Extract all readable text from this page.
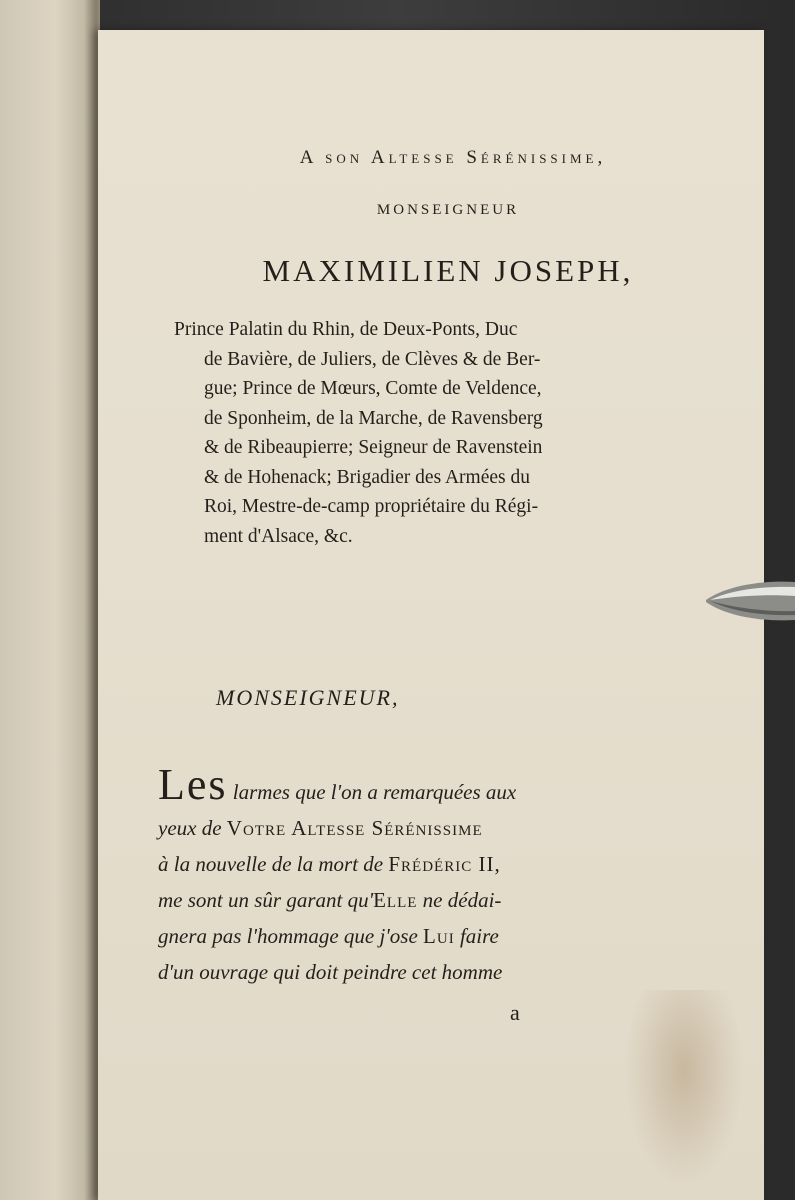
A son Altesse Sérénissime,
MONSEIGNEUR
MAXIMILIEN JOSEPH,
Prince Palatin du Rhin, de Deux-Ponts, Duc
de Bavière, de Juliers, de Clèves & de Ber-
gue; Prince de Mœurs, Comte de Veldence,
de Sponheim, de la Marche, de Ravensberg
& de Ribeaupierre; Seigneur de Ravenstein
& de Hohenack; Brigadier des Armées du
Roi, Mestre-de-camp propriétaire du Régi-
ment d'Alsace, &c.
MONSEIGNEUR,
Les larmes que l'on a remarquées aux
yeux de Votre Altesse Sérénissime
à la nouvelle de la mort de Frédéric II,
me sont un sûr garant qu'Elle ne dédai-
gnera pas l'hommage que j'ose Lui faire
d'un ouvrage qui doit peindre cet homme
a
